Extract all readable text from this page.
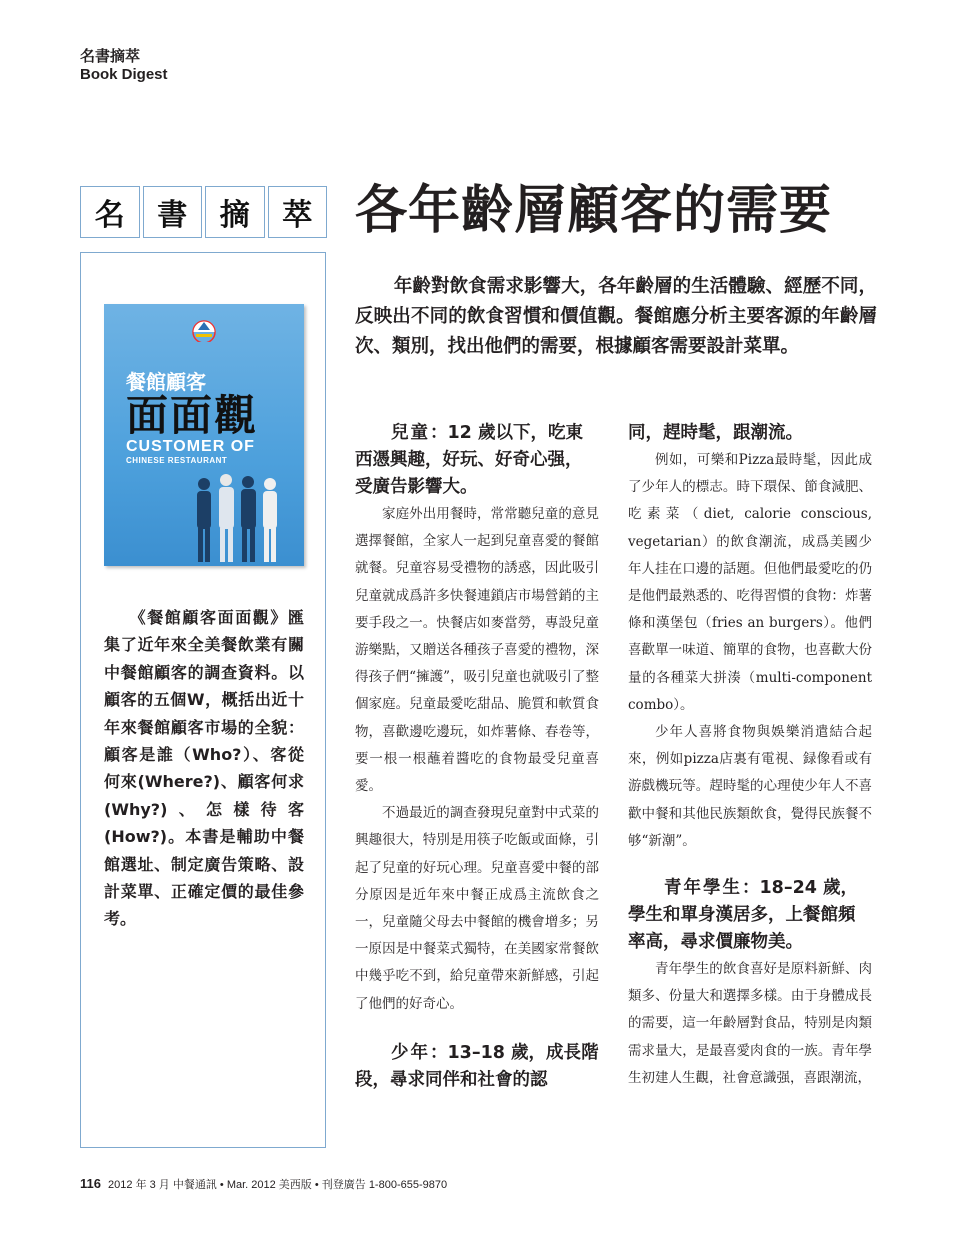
名書摘萃
Book Digest
名	書	摘	萃 各年齡層顧客的需要
餐館顧客
面面觀
CUSTOMER OF
CHINESE RESTAURANT
《餐館顧客面面觀》匯集了近年來全美餐飲業有關中餐館顧客的調查資料。以顧客的五個W，概括出近十年來餐館顧客市場的全貌：顧客是誰（Who?）、客從何來(Where?)、顧客何求(Why?)、怎樣待客(How?)。本書是輔助中餐館選址、制定廣告策略、設計菜單、正確定價的最佳參考。
年齡對飲食需求影響大，各年齡層的生活體驗、經歷不同，反映出不同的飲食習慣和價值觀。餐館應分析主要客源的年齡層次、類別，找出他們的需要，根據顧客需要設計菜單。
兒童：12 歲以下，吃東西憑興趣，好玩、好奇心强，受廣告影響大。

家庭外出用餐時，常常聽兒童的意見選擇餐館，全家人一起到兒童喜愛的餐館就餐。兒童容易受禮物的誘惑，因此吸引兒童就成爲許多快餐連鎖店市場營銷的主要手段之一。快餐店如麥當勞，專設兒童游樂點，又贈送各種孩子喜愛的禮物，深得孩子們“擁護”，吸引兒童也就吸引了整個家庭。兒童最愛吃甜品、脆質和軟質食物，喜歡邊吃邊玩，如炸薯條、春卷等，要一根一根蘸着醬吃的食物最受兒童喜愛。

不過最近的調查發現兒童對中式菜的興趣很大，特別是用筷子吃飯或面條，引起了兒童的好玩心理。兒童喜愛中餐的部分原因是近年來中餐正成爲主流飲食之一，兒童隨父母去中餐館的機會增多；另一原因是中餐菜式獨特，在美國家常餐飲中幾乎吃不到，給兒童帶來新鮮感，引起了他們的好奇心。

少年：13–18 歲，成長階段，尋求同伴和社會的認
同，趕時髦，跟潮流。

例如，可樂和Pizza最時髦，因此成了少年人的標志。時下環保、節食減肥、吃素菜（diet, calorie conscious, vegetarian）的飲食潮流，成爲美國少年人挂在口邊的話題。但他們最愛吃的仍是他們最熟悉的、吃得習慣的食物：炸薯條和漢堡包（fries an burgers）。他們喜歡單一味道、簡單的食物，也喜歡大份量的各種菜大拼湊（multi-component combo）。

少年人喜將食物與娛樂消遣結合起來，例如pizza店裏有電視、録像看或有游戲機玩等。趕時髦的心理使少年人不喜歡中餐和其他民族類飲食，覺得民族餐不够“新潮”。

青年學生：18–24 歲，學生和單身漢居多，上餐館頻率高，尋求價廉物美。

青年學生的飲食喜好是原料新鮮、肉類多、份量大和選擇多樣。由于身體成長的需要，這一年齡層對食品，特别是肉類需求量大，是最喜愛肉食的一族。青年學生初建人生觀，社會意識强，喜跟潮流，

116 2012 年 3 月 中餐通訊 • Mar. 2012 美西版 • 刊登廣告 1-800-655-9870
